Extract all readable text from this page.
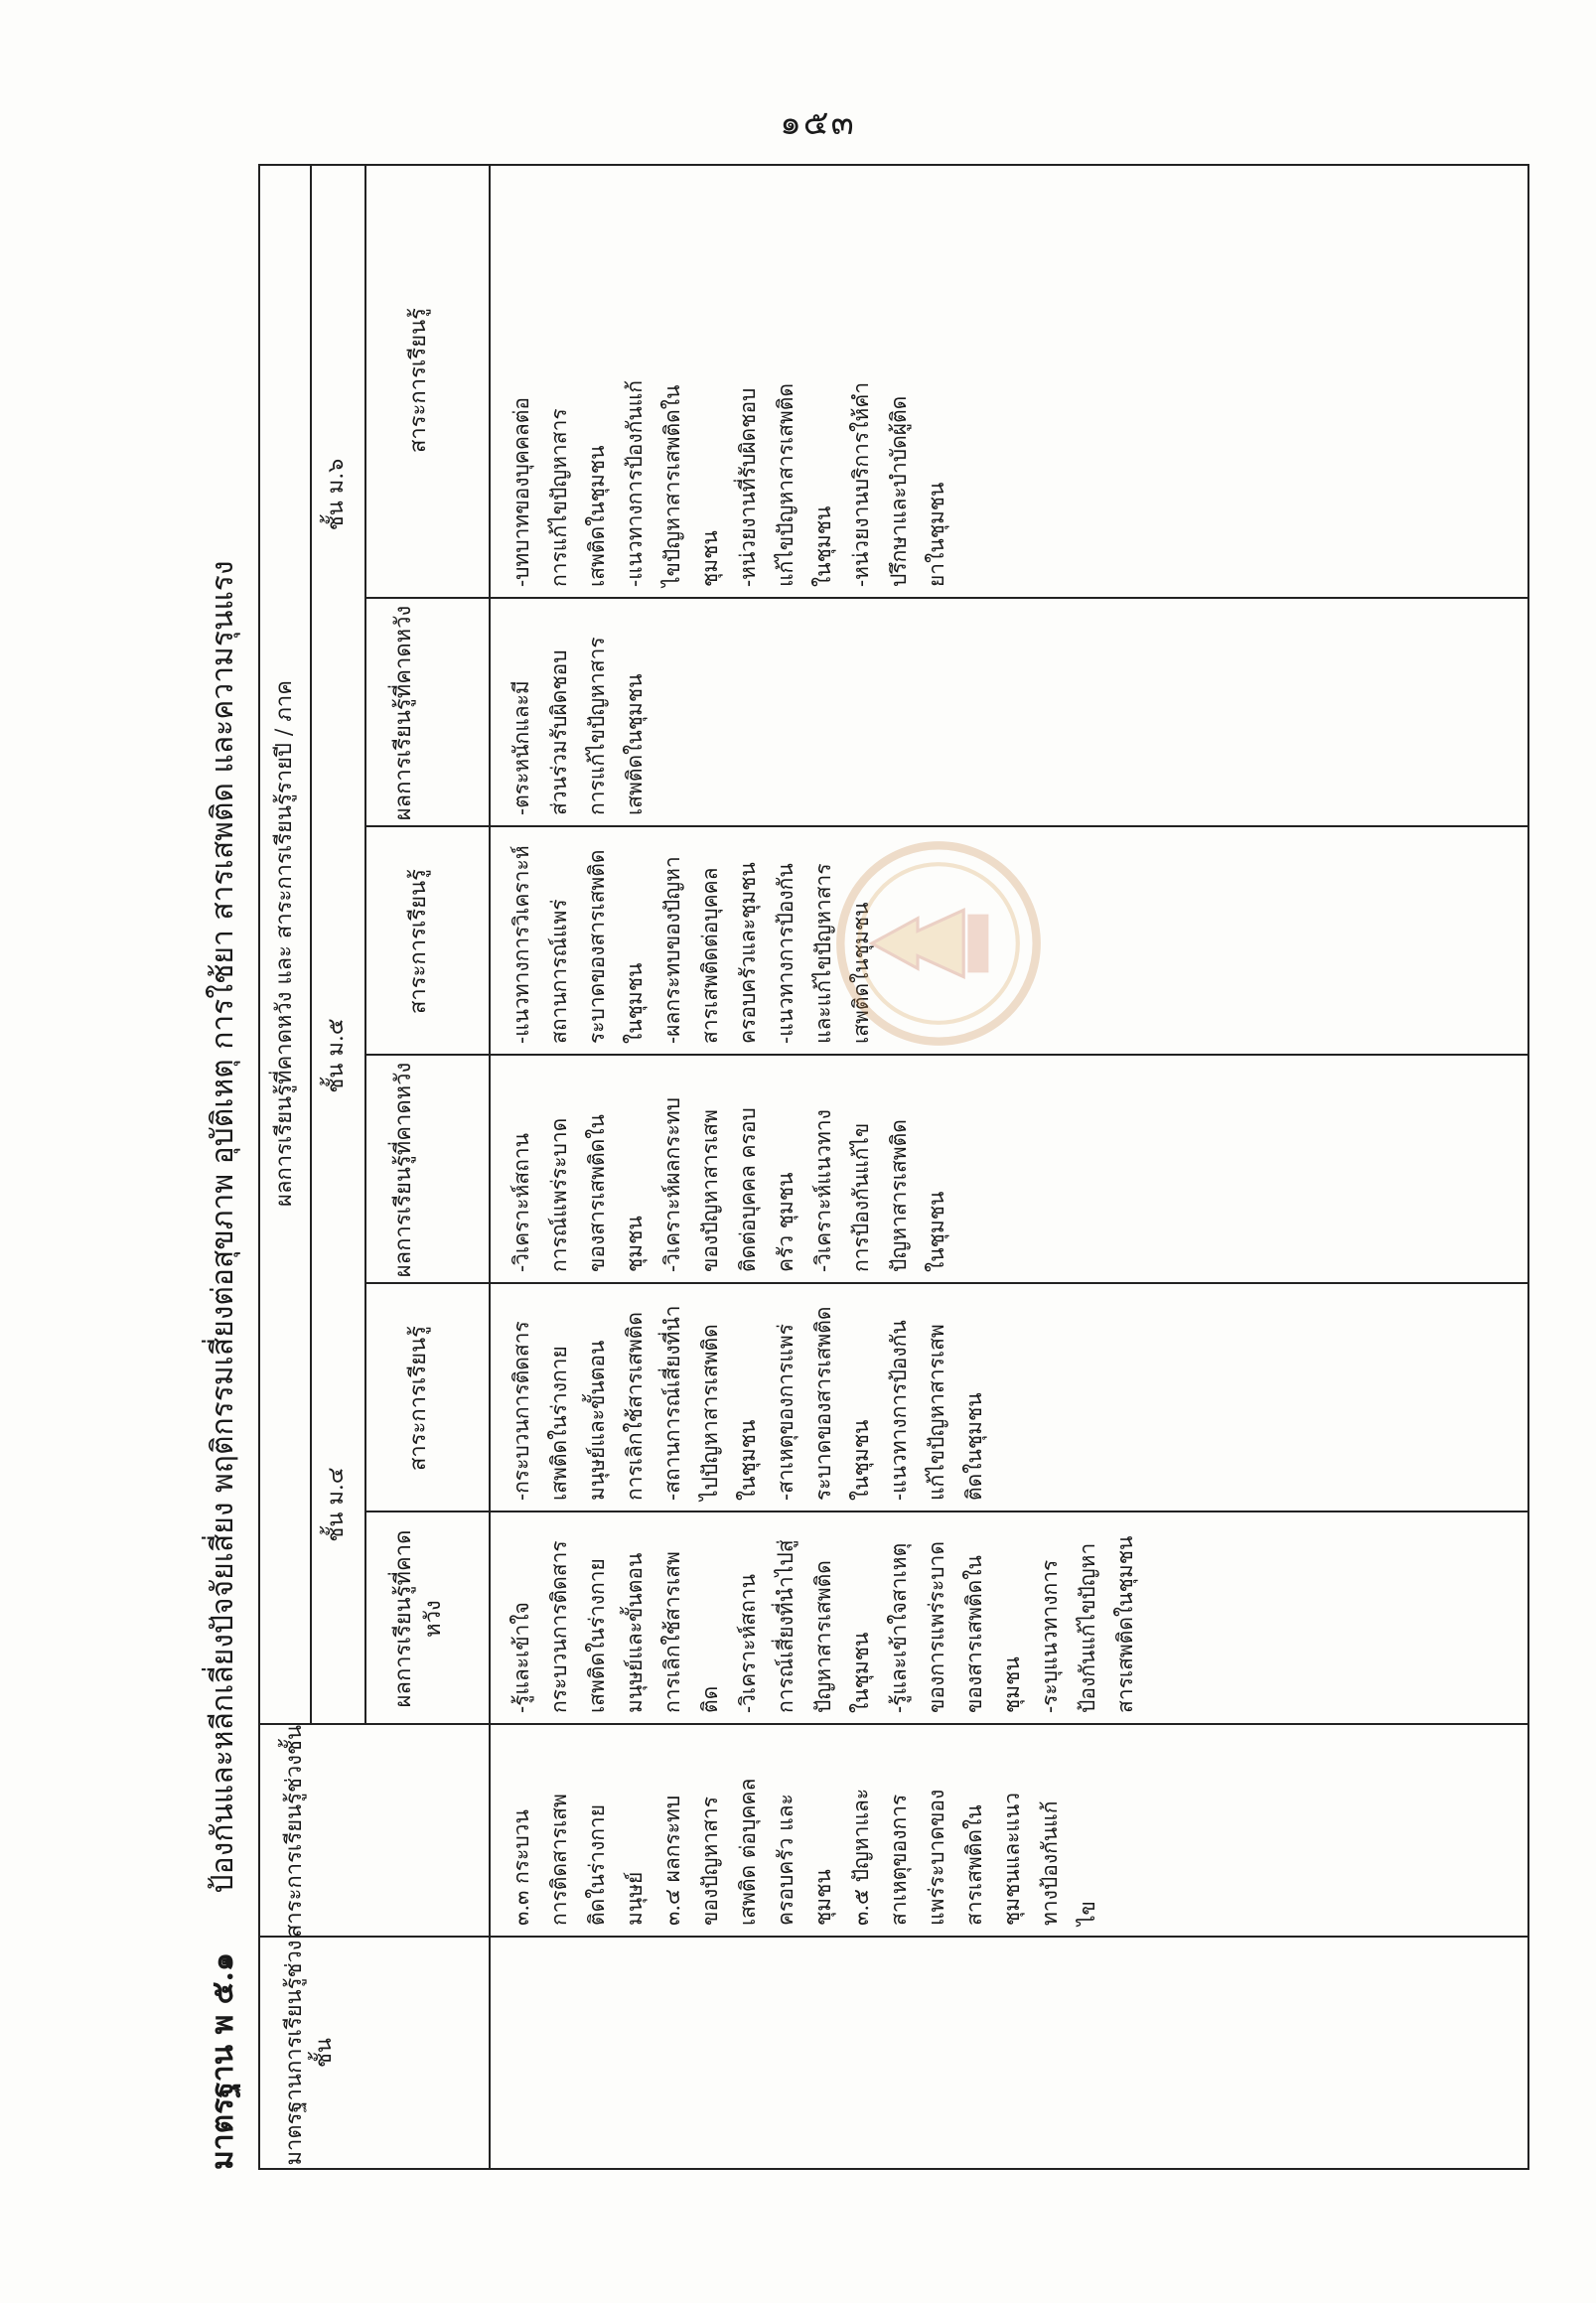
๑๕๓
มาตรฐาน พ ๕.๑ ป้องกันและหลีกเลี่ยงปัจจัยเสี่ยง พฤติกรรมเสี่ยงต่อสุขภาพ อุบัติเหตุ การใช้ยา สารเสพติด และความรุนแรง
มาตรฐานการเรียนรู้ช่วงชั้น
สาระการเรียนรู้ช่วงชั้น
ผลการเรียนรู้ที่คาดหวัง และ สาระการเรียนรู้รายปี / ภาค
ชั้น ม.๔
ชั้น ม.๕
ชั้น ม.๖
ผลการเรียนรู้ที่คาดหวัง
สาระการเรียนรู้
ผลการเรียนรู้ที่คาดหวัง
สาระการเรียนรู้
ผลการเรียนรู้ที่คาดหวัง
สาระการเรียนรู้

๓.๓ กระบวน การติดสารเสพ ติดในร่างกาย มนุษย์ ๓.๔ ผลกระทบ ของปัญหาสาร เสพติด ต่อบุคคล ครอบครัว และ ชุมชน ๓.๕ ปัญหาและ สาเหตุของการ แพร่ระบาดของ สารเสพติดใน ชุมชนและแนว ทางป้องกันแก้ ไข

-รู้และเข้าใจ กระบวนการติดสาร เสพติดในร่างกาย มนุษย์และขั้นตอน การเลิกใช้สารเสพ ติด -วิเคราะห์สถาน การณ์เสี่ยงที่นำไปสู่ ปัญหาสารเสพติด ในชุมชน -รู้และเข้าใจสาเหตุ ของการแพร่ระบาด ของสารเสพติดใน ชุมชน -ระบุแนวทางการ ป้องกันแก้ไขปัญหา สารเสพติดในชุมชน

-กระบวนการติดสาร เสพติดในร่างกาย มนุษย์และขั้นตอน การเลิกใช้สารเสพติด -สถานการณ์เสี่ยงที่นำ ไปปัญหาสารเสพติด ในชุมชน -สาเหตุของการแพร่ ระบาดของสารเสพติด ในชุมชน -แนวทางการป้องกัน แก้ไขปัญหาสารเสพ ติดในชุมชน

-วิเคราะห์สถาน การณ์แพร่ระบาด ของสารเสพติดใน ชุมชน -วิเคราะห์ผลกระทบ ของปัญหาสารเสพ ติดต่อบุคคล ครอบ ครัว ชุมชน -วิเคราะห์แนวทาง การป้องกันแก้ไข ปัญหาสารเสพติด ในชุมชน

-แนวทางการวิเคราะห์ สถานการณ์แพร่ ระบาดของสารเสพติด ในชุมชน -ผลกระทบของปัญหา สารเสพติดต่อบุคคล ครอบครัวและชุมชน -แนวทางการป้องกัน และแก้ไขปัญหาสาร เสพติดในชุมชน

-ตระหนักและมี ส่วนร่วมรับผิดชอบ การแก้ไขปัญหาสาร เสพติดในชุมชน

-บทบาทของบุคคลต่อ การแก้ไขปัญหาสาร เสพติดในชุมชน -แนวทางการป้องกันแก้ ไขปัญหาสารเสพติดใน ชุมชน -หน่วยงานที่รับผิดชอบ แก้ไขปัญหาสารเสพติด ในชุมชน -หน่วยงานบริการให้คำ ปรึกษาและบำบัดผู้ติด ยาในชุมชน
